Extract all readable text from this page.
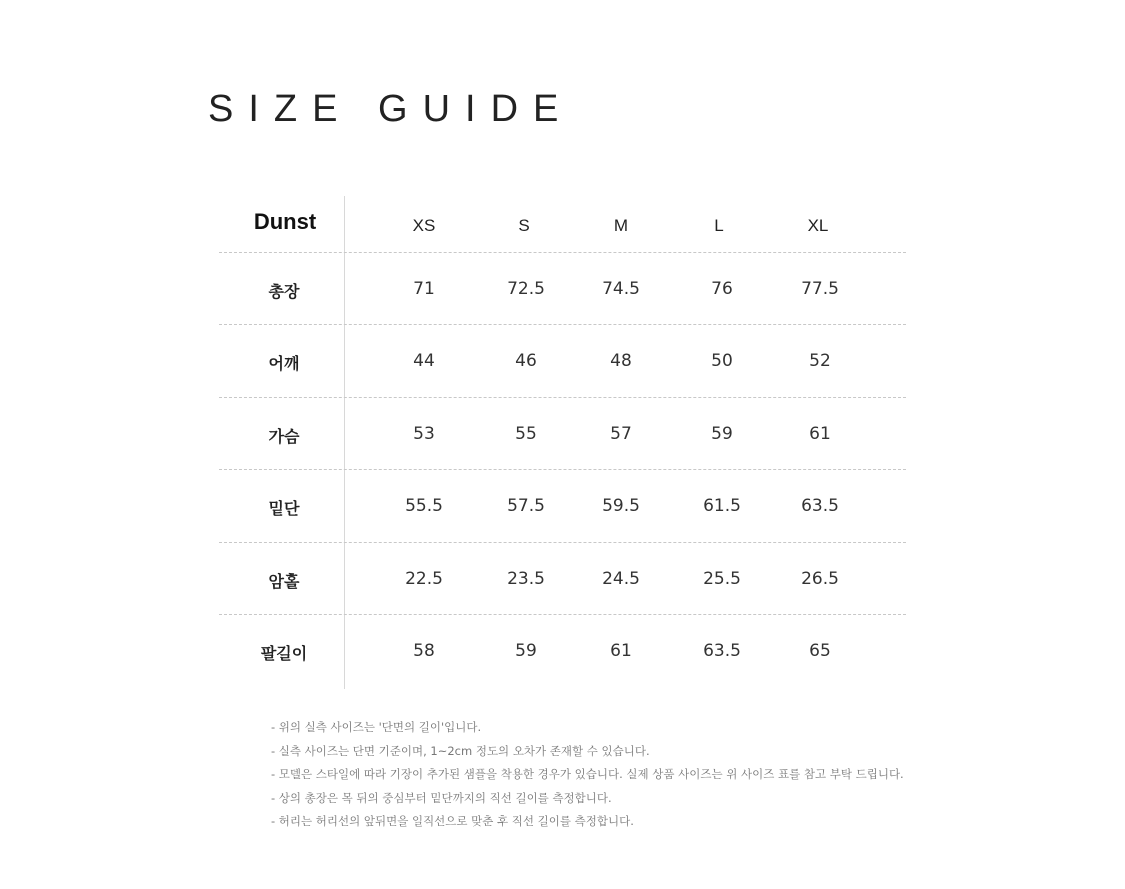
SIZE GUIDE
Dunst	XS	S	M	L	XL
총장	71	72.5	74.5	76	77.5
어깨	44	46	48	50	52
가슴	53	55	57	59	61
밑단	55.5	57.5	59.5	61.5	63.5
암홀	22.5	23.5	24.5	25.5	26.5
팔길이	58	59	61	63.5	65
- 위의 실측 사이즈는 '단면의 길이'입니다.
- 실측 사이즈는 단면 기준이며, 1~2cm 정도의 오차가 존재할 수 있습니다.
- 모델은 스타일에 따라 기장이 추가된 샘플을 착용한 경우가 있습니다. 실제 상품 사이즈는 위 사이즈 표를 참고 부탁 드립니다.
- 상의 총장은 목 뒤의 중심부터 밑단까지의 직선 길이를 측정합니다.
- 허리는 허리선의 앞뒤면을 일직선으로 맞춘 후 직선 길이를 측정합니다.
